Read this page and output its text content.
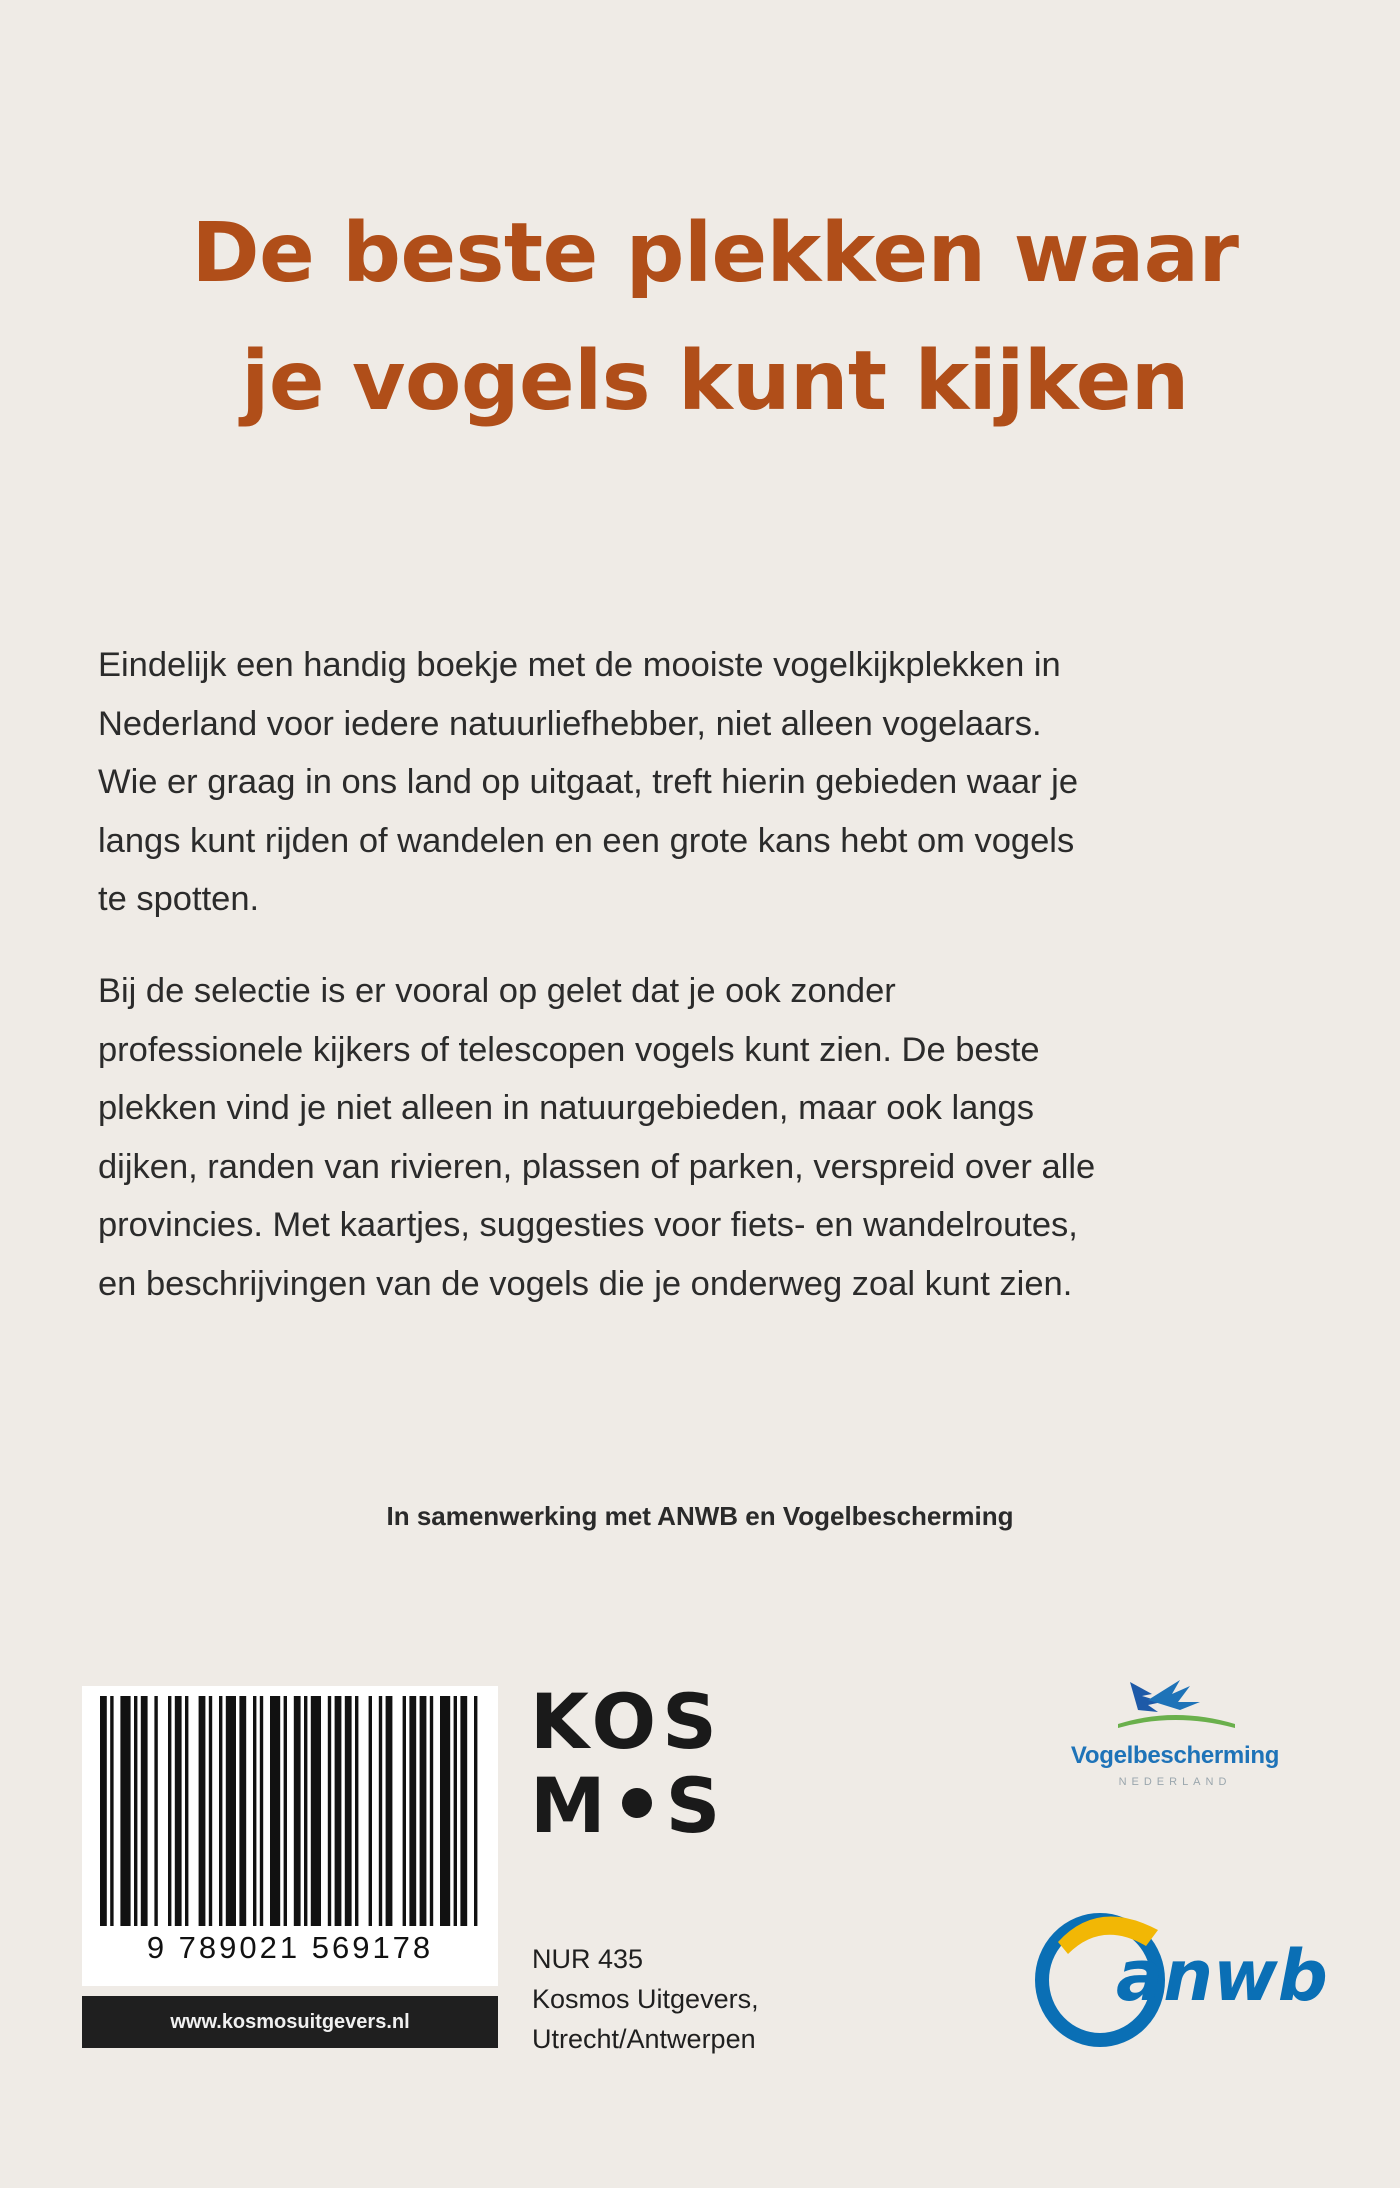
De beste plekken waar
je vogels kunt kijken
Eindelijk een handig boekje met de mooiste vogelkijkplekken in
Nederland voor iedere natuurliefhebber, niet alleen vogelaars.
Wie er graag in ons land op uitgaat, treft hierin gebieden waar je
langs kunt rijden of wandelen en een grote kans hebt om vogels
te spotten.
Bij de selectie is er vooral op gelet dat je ook zonder
professionele kijkers of telescopen vogels kunt zien. De beste
plekken vind je niet alleen in natuurgebieden, maar ook langs
dijken, randen van rivieren, plassen of parken, verspreid over alle
provincies. Met kaartjes, suggesties voor fiets- en wandelroutes,
en beschrijvingen van de vogels die je onderweg zoal kunt zien.
In samenwerking met ANWB en Vogelbescherming
9 789021 569178
www.kosmosuitgevers.nl
KOS
M S
NUR 435
Kosmos Uitgevers,
Utrecht/Antwerpen
Vogelbescherming
NEDERLAND
anwb
